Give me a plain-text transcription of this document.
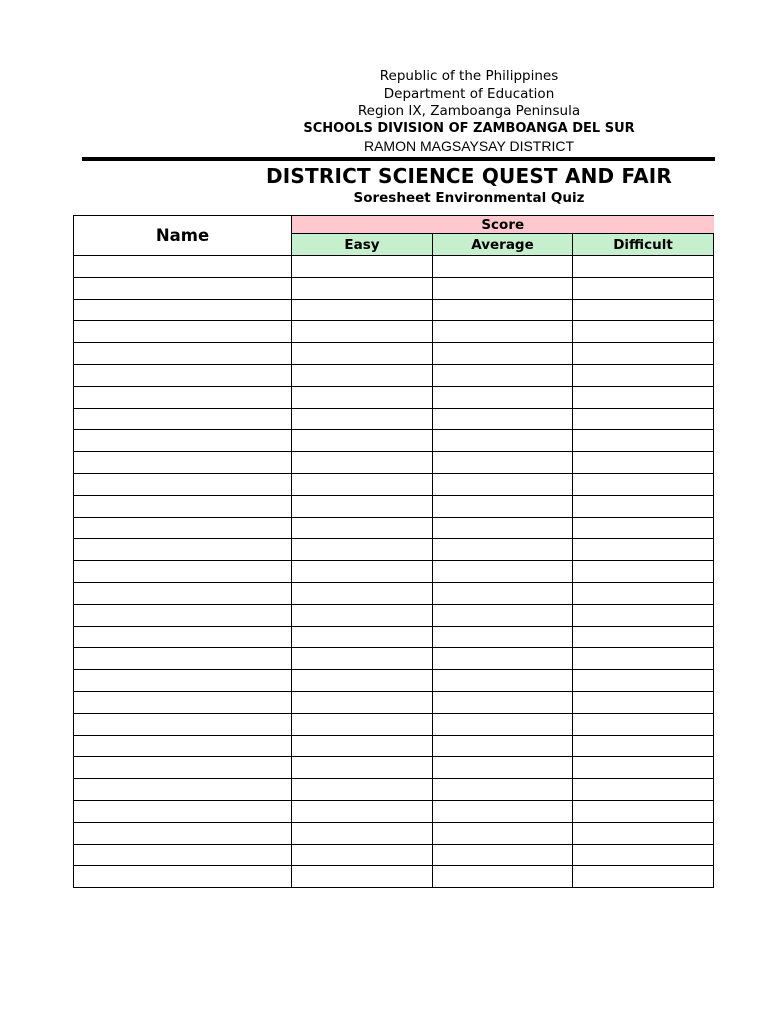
Republic of the Philippines
Department of Education
Region IX, Zamboanga Peninsula
SCHOOLS DIVISION OF ZAMBOANGA DEL SUR
RAMON MAGSAYSAY DISTRICT
DISTRICT SCIENCE QUEST AND FAIR
Soresheet Environmental Quiz
Name	Score		
	Easy	Average	Difficult
